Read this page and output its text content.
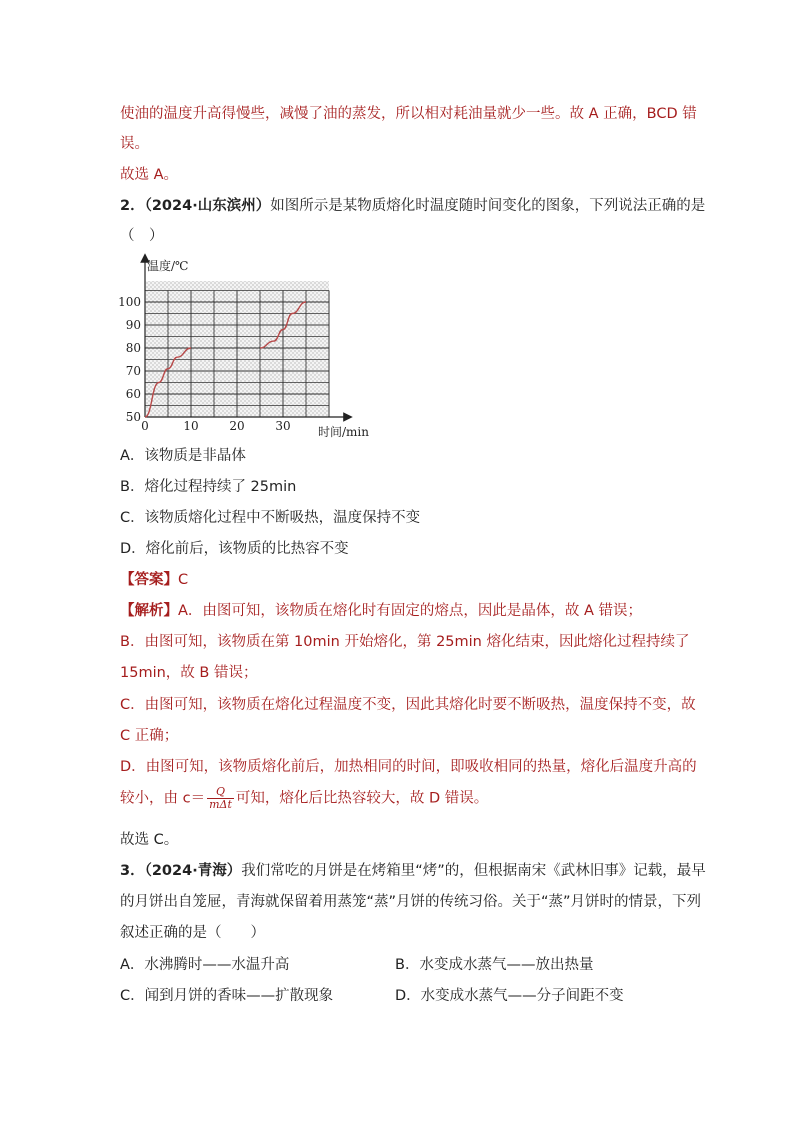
使油的温度升高得慢些，减慢了油的蒸发，所以相对耗油量就少一些。故 A 正确，BCD 错
误。
故选 A。
2．（2024·山东滨州）如图所示是某物质熔化时温度随时间变化的图象，下列说法正确的是
（　）
0	10	20	30
50
60
70
80
90
100
温度/℃
时间/min
A．该物质是非晶体
B．熔化过程持续了 25min
C．该物质熔化过程中不断吸热，温度保持不变
D．熔化前后，该物质的比热容不变
【答案】C
【解析】A．由图可知，该物质在熔化时有固定的熔点，因此是晶体，故 A 错误；
B．由图可知，该物质在第 10min 开始熔化，第 25min 熔化结束，因此熔化过程持续了
15min，故 B 错误；
C．由图可知，该物质在熔化过程温度不变，因此其熔化时要不断吸热，温度保持不变，故
C 正确；
D．由图可知，该物质熔化前后，加热相同的时间，即吸收相同的热量，熔化后温度升高的
较小，由 $c= \frac{Q}{\text{mΔt}}$ 可知，熔化后比热容较大，故 D 错误。
故选 C。
3．（2024·青海）我们常吃的月饼是在烤箱里“烤”的，但根据南宋《武林旧事》记载，最早
的月饼出自笼屉，青海就保留着用蒸笼“蒸”月饼的传统习俗。关于“蒸”月饼时的情景，下列
叙述正确的是（　　）
A．水沸腾时——水温升高	B．水变成水蒸气——放出热量
C．闻到月饼的香味——扩散现象	D．水变成水蒸气——分子间距不变
